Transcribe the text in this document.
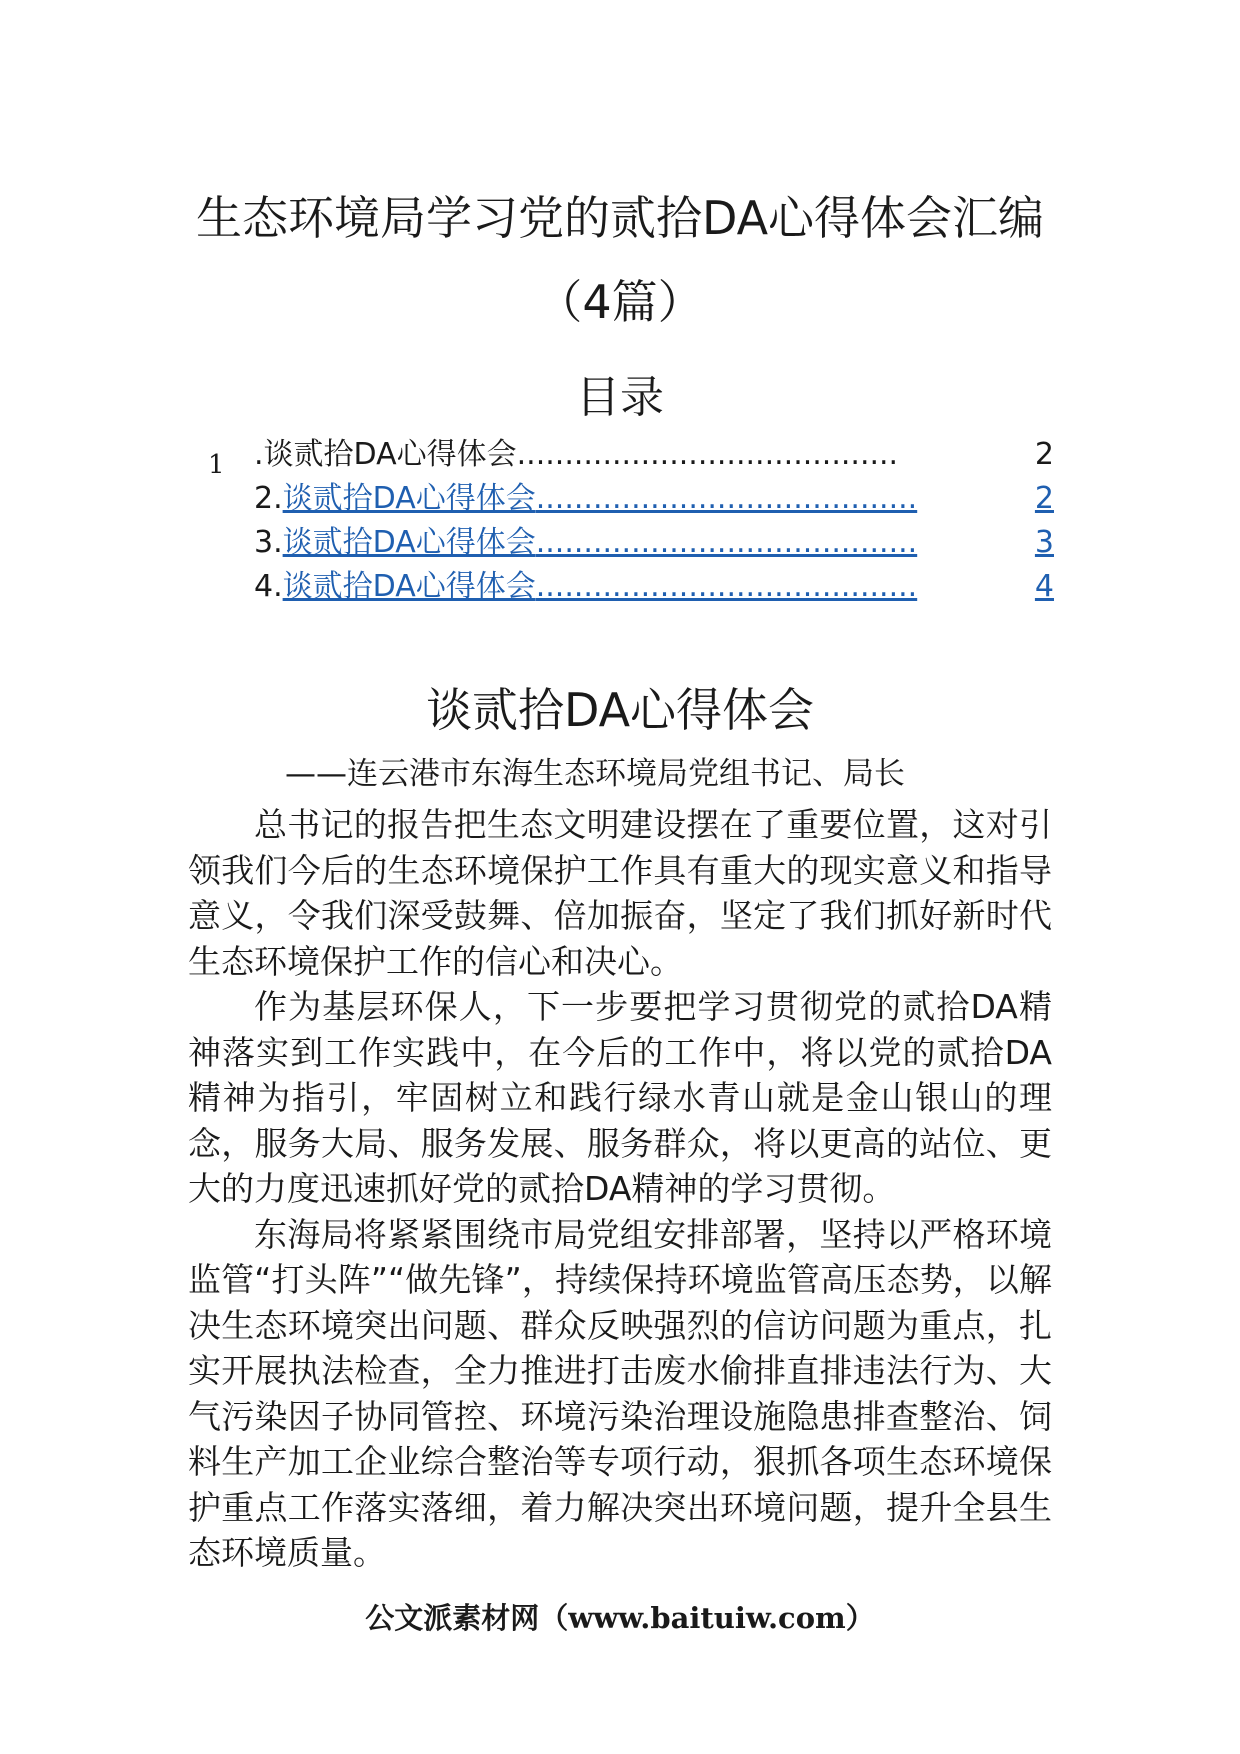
生态环境局学习党的贰拾DA心得体会汇编
（4篇）
目录
1 .谈贰拾DA心得体会 ........................................	2
2. 谈贰拾DA心得体会 ........................................	2
3. 谈贰拾DA心得体会 ........................................	3
4. 谈贰拾DA心得体会 ........................................	4
谈贰拾DA心得体会
——连云港市东海生态环境局党组书记、局长

总书记的报告把生态文明建设摆在了重要位置，这对引领我们今后的生态环境保护工作具有重大的现实意义和指导意义，令我们深受鼓舞、倍加振奋，坚定了我们抓好新时代生态环境保护工作的信心和决心。

作为基层环保人，下一步要把学习贯彻党的贰拾DA精神落实到工作实践中，在今后的工作中，将以党的贰拾DA精神为指引，牢固树立和践行绿水青山就是金山银山的理念，服务大局、服务发展、服务群众，将以更高的站位、更大的力度迅速抓好党的贰拾DA精神的学习贯彻。

东海局将紧紧围绕市局党组安排部署，坚持以严格环境监管“打头阵”“做先锋”，持续保持环境监管高压态势，以解决生态环境突出问题、群众反映强烈的信访问题为重点，扎实开展执法检查，全力推进打击废水偷排直排违法行为、大气污染因子协同管控、环境污染治理设施隐患排查整治、饲料生产加工企业综合整治等专项行动，狠抓各项生态环境保护重点工作落实落细，着力解决突出环境问题，提升全县生态环境质量。

公文派素材网（www.baituiw.com）
